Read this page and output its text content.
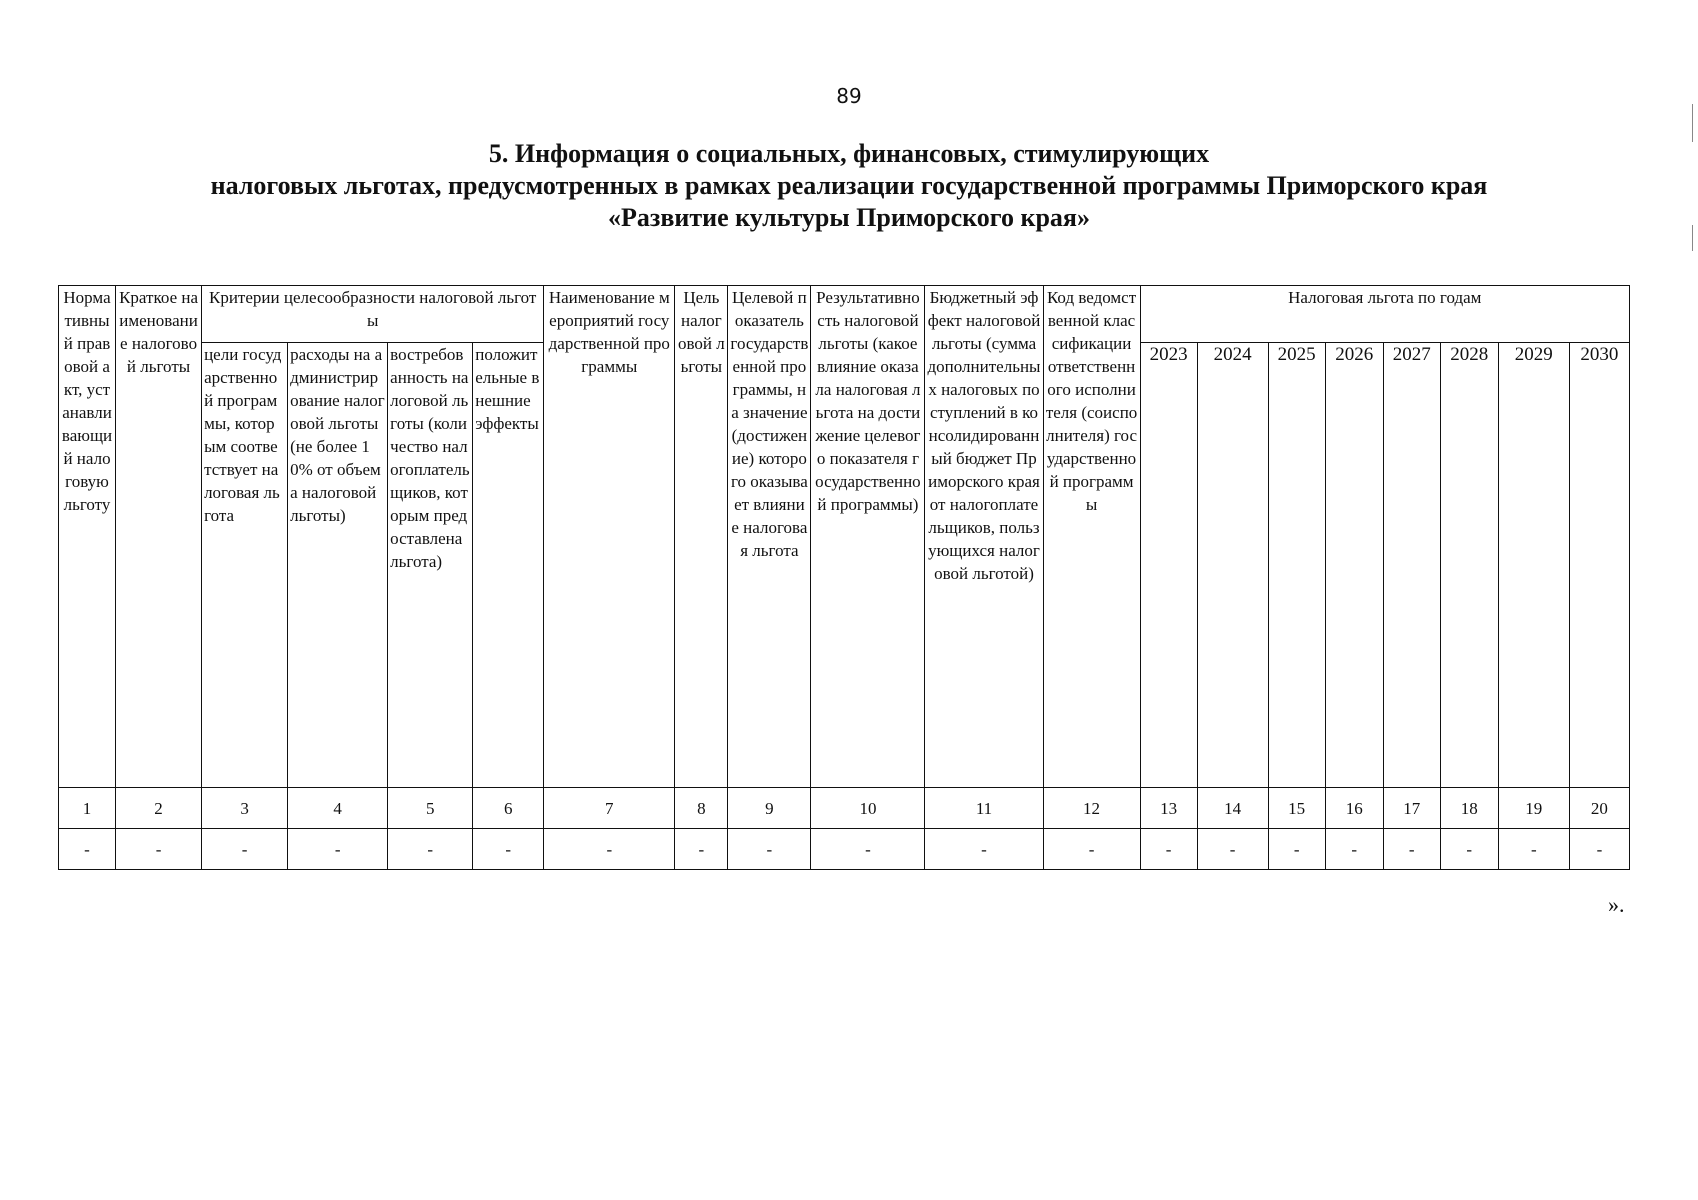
89
5. Информация о социальных, финансовых, стимулирующих
налоговых льготах, предусмотренных в рамках реализации государственной программы Приморского края
«Развитие культуры Приморского края»
Нормативный правовой акт, устанавливающий налоговую льготу	Краткое наименование налоговой льготы	Критерии целесообразности налоговой льготы				Наименование мероприятий государственной программы	Цель налоговой льготы	Целевой показатель государственной программы, на значение (достижение) которого оказывает влияние налоговая льгота	Результативность налоговой льготы (какое влияние оказала налоговая льгота на достижение целевого показателя государственной программы)	Бюджетный эффект налоговой льготы (сумма дополнительных налоговых поступлений в консолидированный бюджет Приморского края от налогоплательщиков, пользующихся налоговой льготой)	Код ведомственной классификации ответственного исполнителя (соисполнителя) государственной программы	Налоговая льгота по годам							
		цели государственной программы, которым соответствует налоговая льгота	расходы на администрирование налоговой льготы (не более 10% от объема налоговой льготы)	востребованность налоговой льготы (количество налогоплательщиков, которым предоставлена льгота)	положительные внешние эффекты							2023	2024	2025	2026	2027	2028	2029	2030
1	2	3	4	5	6	7	8	9	10	11	12	13	14	15	16	17	18	19	20
-	-	-	-	-	-	-	-	-	-	-	-	-	-	-	-	-	-	-	-
».
